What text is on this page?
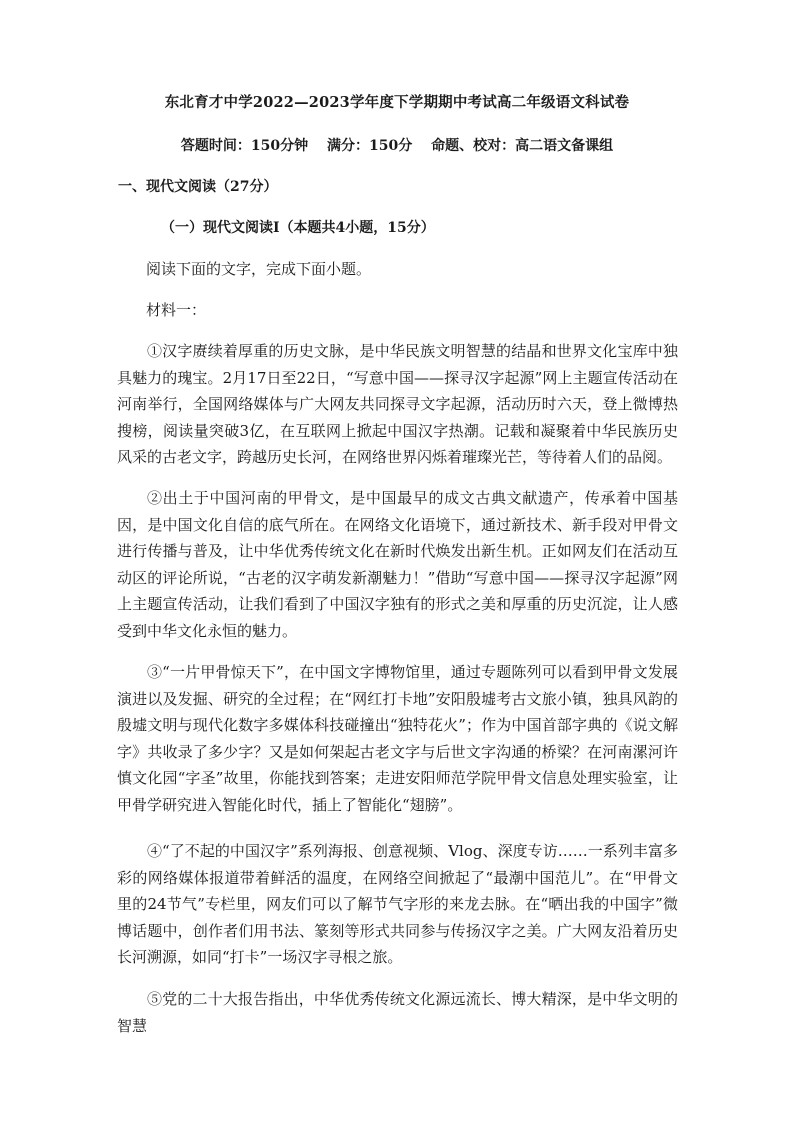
东北育才中学2022—2023学年度下学期期中考试高二年级语文科试卷
答题时间：150分钟　 满分：150分　 命题、校对：高二语文备课组
一、现代文阅读（27分）
（一）现代文阅读Ⅰ（本题共4小题，15分）
阅读下面的文字，完成下面小题。
材料一：

①汉字赓续着厚重的历史文脉，是中华民族文明智慧的结晶和世界文化宝库中独具魅力的瑰宝。2月17日至22日，“写意中国——探寻汉字起源”网上主题宣传活动在河南举行，全国网络媒体与广大网友共同探寻文字起源，活动历时六天，登上微博热搜榜，阅读量突破3亿，在互联网上掀起中国汉字热潮。记载和凝聚着中华民族历史风采的古老文字，跨越历史长河，在网络世界闪烁着璀璨光芒，等待着人们的品阅。

②出土于中国河南的甲骨文，是中国最早的成文古典文献遗产，传承着中国基因，是中国文化自信的底气所在。在网络文化语境下，通过新技术、新手段对甲骨文进行传播与普及，让中华优秀传统文化在新时代焕发出新生机。正如网友们在活动互动区的评论所说，“古老的汉字萌发新潮魅力！”借助“写意中国——探寻汉字起源”网上主题宣传活动，让我们看到了中国汉字独有的形式之美和厚重的历史沉淀，让人感受到中华文化永恒的魅力。

③“一片甲骨惊天下”，在中国文字博物馆里，通过专题陈列可以看到甲骨文发展演进以及发掘、研究的全过程；在“网红打卡地”安阳殷墟考古文旅小镇，独具风韵的殷墟文明与现代化数字多媒体科技碰撞出“独特花火”；作为中国首部字典的《说文解字》共收录了多少字？又是如何架起古老文字与后世文字沟通的桥梁？在河南漯河许慎文化园“字圣”故里，你能找到答案；走进安阳师范学院甲骨文信息处理实验室，让甲骨学研究进入智能化时代，插上了智能化“翅膀”。

④“了不起的中国汉字”系列海报、创意视频、Vlog、深度专访……一系列丰富多彩的网络媒体报道带着鲜活的温度，在网络空间掀起了“最潮中国范儿”。在“甲骨文里的24节气”专栏里，网友们可以了解节气字形的来龙去脉。在“晒出我的中国字”微博话题中，创作者们用书法、篆刻等形式共同参与传扬汉字之美。广大网友沿着历史长河溯源，如同“打卡”一场汉字寻根之旅。

⑤党的二十大报告指出，中华优秀传统文化源远流长、博大精深，是中华文明的智慧
